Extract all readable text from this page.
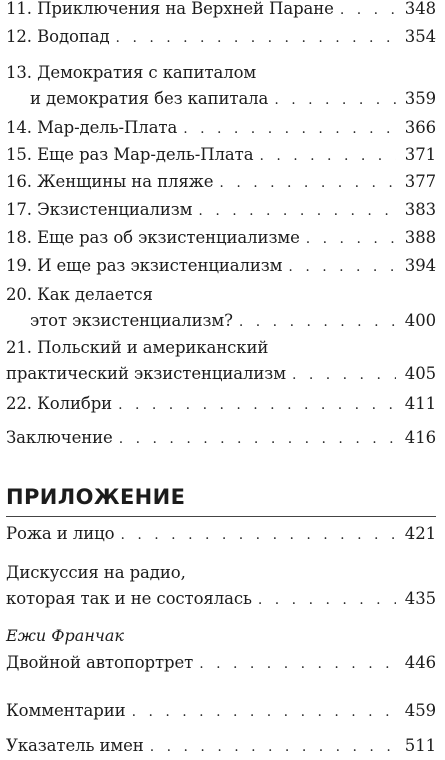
11. Приключения на Верхней Паране . . .	348
12. Водопад . . .	354
13. Демократия с капиталом
и демократия без капитала . . .	359
14. Мар-дель-Плата . . .	366
15. Еще раз Мар-дель-Плата . . .	371
16. Женщины на пляже . . .	377
17. Экзистенциализм . . .	383
18. Еще раз об экзистенциализме . . .	388
19. И еще раз экзистенциализм . . .	394
20. Как делается
этот экзистенциализм? . . .	400
21. Польский и американский
практический экзистенциализм . . .	405
22. Колибри . . .	411
Заключение . . .	416
ПРИЛОЖЕНИЕ
Рожа и лицо . . .	421
Дискуссия на радио,
которая так и не состоялась . . .	435
Ежи Франчак
Двойной автопортрет . . .	446
Комментарии . . .	459
Указатель имен . . .	511
